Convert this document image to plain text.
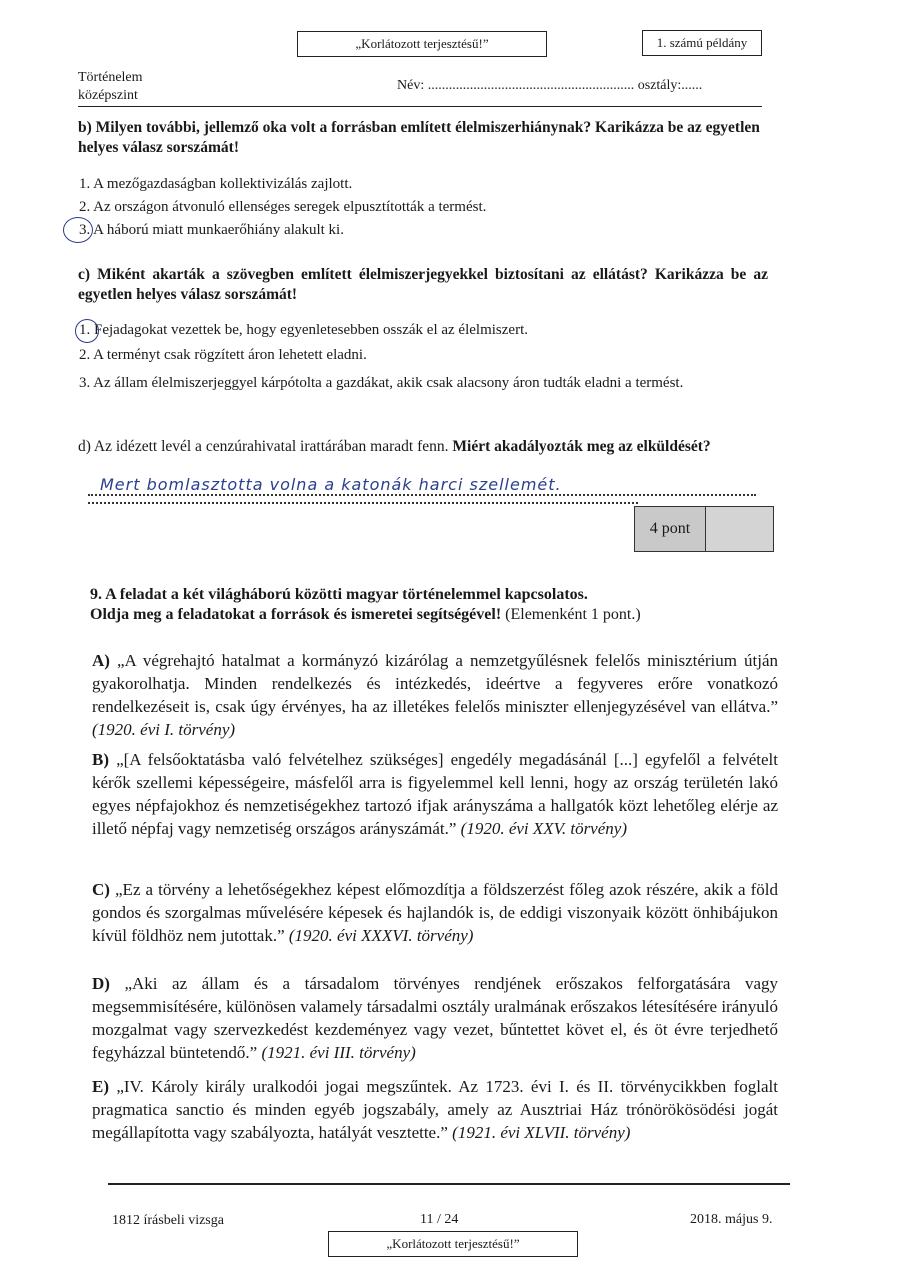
„Korlátozott terjesztésű!”	1. számú példány
Történelem
középszint
Név: ........................................................... osztály:......
b) Milyen további, jellemző oka volt a forrásban említett élelmiszerhiánynak? Karikázza be az egyetlen helyes válasz sorszámát!
1. A mezőgazdaságban kollektivizálás zajlott.
2. Az országon átvonuló ellenséges seregek elpusztították a termést.
3. A háború miatt munkaerőhiány alakult ki.
c) Miként akarták a szövegben említett élelmiszerjegyekkel biztosítani az ellátást? Karikázza be az egyetlen helyes válasz sorszámát!
1. Fejadagokat vezettek be, hogy egyenletesebben osszák el az élelmiszert.
2. A terményt csak rögzített áron lehetett eladni.
3. Az állam élelmiszerjeggyel kárpótolta a gazdákat, akik csak alacsony áron tudták eladni a termést.
d) Az idézett levél a cenzúrahivatal irattárában maradt fenn. Miért akadályozták meg az elküldését?
Mert bomlasztotta volna a katonák harci szellemét.
4 pont
9. A feladat a két világháború közötti magyar történelemmel kapcsolatos.
Oldja meg a feladatokat a források és ismeretei segítségével! (Elemenként 1 pont.)
A) „A végrehajtó hatalmat a kormányzó kizárólag a nemzetgyűlésnek felelős minisztérium útján gyakorolhatja. Minden rendelkezés és intézkedés, ideértve a fegyveres erőre vonatkozó rendelkezéseit is, csak úgy érvényes, ha az illetékes felelős miniszter ellenjegyzésével van ellátva.” (1920. évi I. törvény)
B) „[A felsőoktatásba való felvételhez szükséges] engedély megadásánál [...] egyfelől a felvételt kérők szellemi képességeire, másfelől arra is figyelemmel kell lenni, hogy az ország területén lakó egyes népfajokhoz és nemzetiségekhez tartozó ifjak arányszáma a hallgatók közt lehetőleg elérje az illető népfaj vagy nemzetiség országos arányszámát.” (1920. évi XXV. törvény)
C) „Ez a törvény a lehetőségekhez képest előmozdítja a földszerzést főleg azok részére, akik a föld gondos és szorgalmas művelésére képesek és hajlandók is, de eddigi viszonyaik között önhibájukon kívül földhöz nem jutottak.” (1920. évi XXXVI. törvény)
D) „Aki az állam és a társadalom törvényes rendjének erőszakos felforgatására vagy megsemmisítésére, különösen valamely társadalmi osztály uralmának erőszakos létesítésére irányuló mozgalmat vagy szervezkedést kezdeményez vagy vezet, bűntettet követ el, és öt évre terjedhető fegyházzal büntetendő.” (1921. évi III. törvény)
E) „IV. Károly király uralkodói jogai megszűntek. Az 1723. évi I. és II. törvénycikkben foglalt pragmatica sanctio és minden egyéb jogszabály, amely az Ausztriai Ház trónörökösödési jogát megállapította vagy szabályozta, hatályát vesztette.” (1921. évi XLVII. törvény)
1812 írásbeli vizsga	11 / 24	2018. május 9.
„Korlátozott terjesztésű!”
